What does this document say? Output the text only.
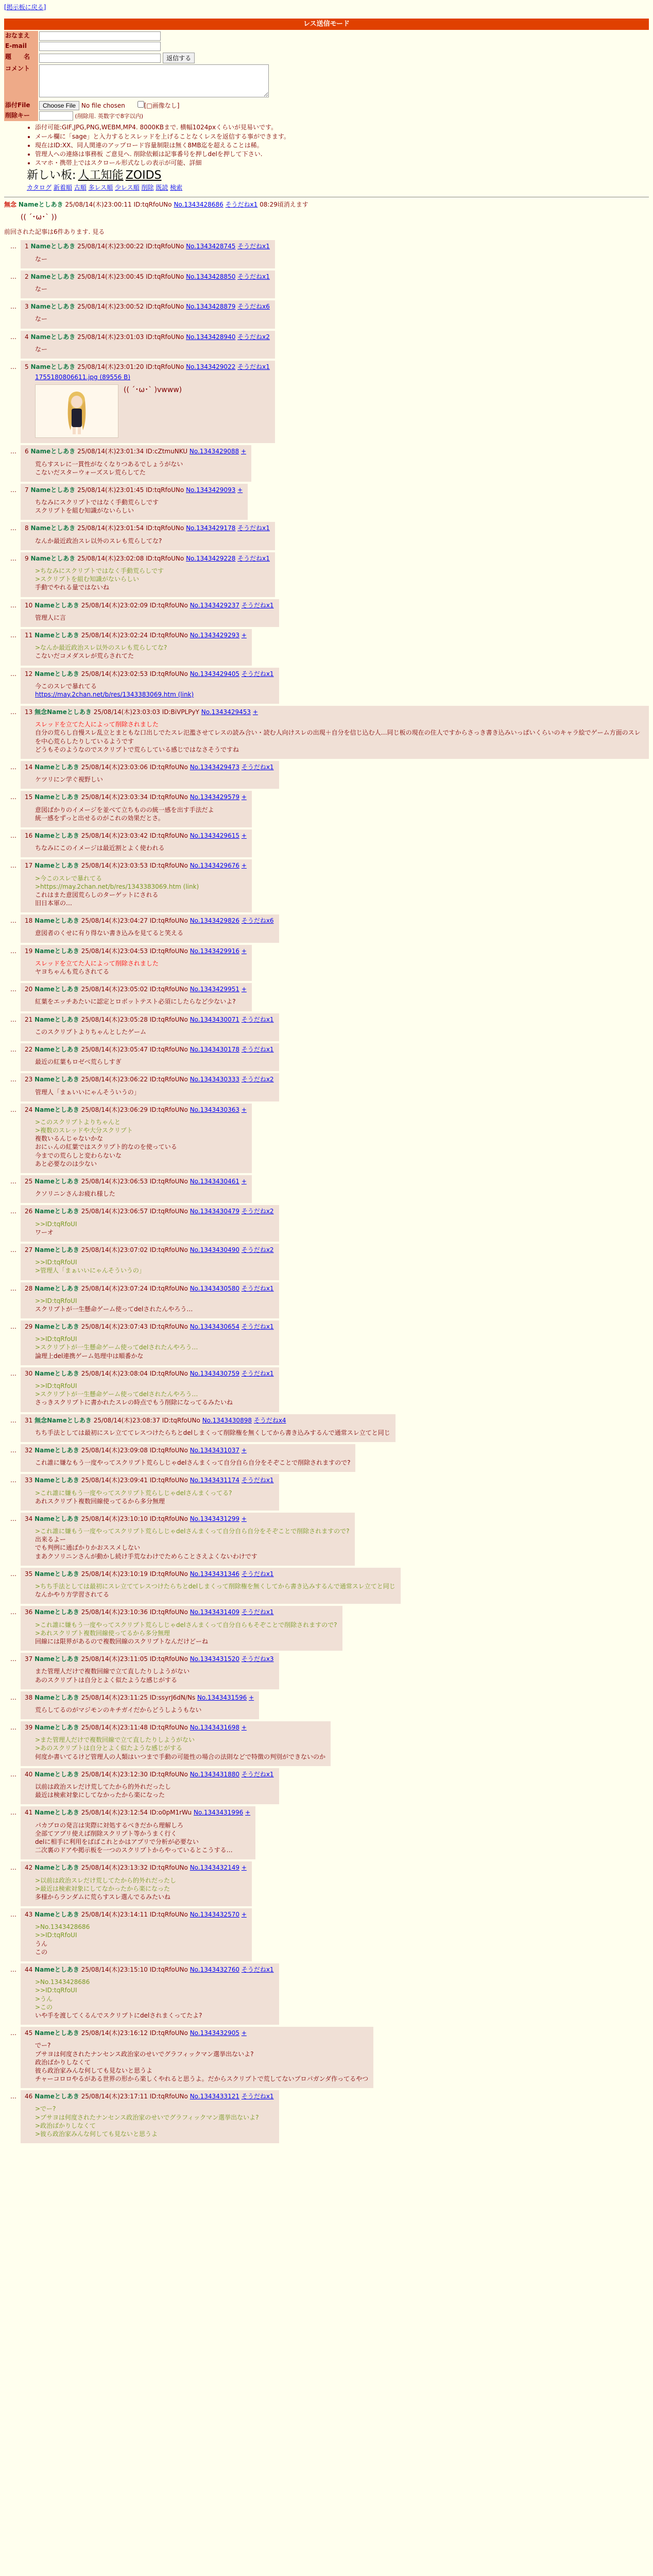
[掲示板に戻る]
レス送信モード
おなまえ	
E-mail	
題　　名	返信する
コメント	
添付File	Choose File No file chosen [□画像なし]
削除キー	(削除用. 英数字で8字以内)
• 添付可能:GIF,JPG,PNG,WEBM,MP4. 8000KBまで. 横幅1024pxくらいが見易いです。
• メール欄に「sage」と入力するとスレッドを上げることなくレスを返信する事ができます。
• 現在はID:XX、同人関連のアップロード容量制限は無く8MB迄を超えることは稀。
• 管理人への連絡は事務板 ご意見へ. 削除依頼は記事番号を押しdelを押して下さい.
• スマホ・携帯上ではスクロール形式なしの表示が可能、詳細
新しい板: 人工知能 ZOIDS
カタログ 新着順 古順 多レス順 少レス順 削除 既読 検索
無念 Nameとしあき 25/08/14(木)23:00:11 ID:tqRfoUNo No.1343428686 そうだねx1 08:29頃消えます
(( ´･ω･` ))
前回された記事は6件あります. 見る
… 1 Nameとしあき 25/08/14(木)23:00:22 ID:tqRfoUNo No.1343428745 そうだねx1
なー
… 2 Nameとしあき 25/08/14(木)23:00:45 ID:tqRfoUNo No.1343428850 そうだねx1
なー
… 3 Nameとしあき 25/08/14(木)23:00:52 ID:tqRfoUNo No.1343428879 そうだねx6
なー
… 4 Nameとしあき 25/08/14(木)23:01:03 ID:tqRfoUNo No.1343428940 そうだねx2
なー
… 5 Nameとしあき 25/08/14(木)23:01:20 ID:tqRfoUNo No.1343429022 そうだねx1
1755180806611.jpg (89556 B)
(( ´･ω･` )vwww)
… 6 Nameとしあき 25/08/14(木)23:01:34 ID:cZtmuNKU No.1343429088 +
荒らすスレに一貫性がなくなりつあるでしょうがない
こないだスターウォーズスレ荒らしてた
… 7 Nameとしあき 25/08/14(木)23:01:45 ID:tqRfoUNo No.1343429093 +
ちなみにスクリプトではなく手動荒らしです
スクリプトを組む知識がないらしい
… 8 Nameとしあき 25/08/14(木)23:01:54 ID:tqRfoUNo No.1343429178 そうだねx1
なんか最近政治スレ以外のスレも荒らしてな?
… 9 Nameとしあき 25/08/14(木)23:02:08 ID:tqRfoUNo No.1343429228 そうだねx1
>ちなみにスクリプトではなく手動荒らしです
>スクリプトを組む知識がないらしい
手動でやれる量ではないね
… 10 Nameとしあき 25/08/14(木)23:02:09 ID:tqRfoUNo No.1343429237 そうだねx1
管理人に言
… 11 Nameとしあき 25/08/14(木)23:02:24 ID:tqRfoUNo No.1343429293 +
>なんか最近政治スレ以外のスレも荒らしてな?
こないだコメダスレが荒らされてた
… 12 Nameとしあき 25/08/14(木)23:02:53 ID:tqRfoUNo No.1343429405 そうだねx1
今このスレで暴れてる
https://may.2chan.net/b/res/1343383069.htm (link)
… 13 無念Nameとしあき 25/08/14(木)23:03:03 ID:BiVPLPyY No.1343429453 +
スレッドを立てた人によって削除されました
自分の荒らし自慢スレ乱立とまともな口出しでたスレ氾濫させてレスの読み合い・読む人向けスレの出現＋自分を信じ込む人…同じ板の現在の住人ですからさっき書き込みいっぱいくらいのキャラ絵でゲーム方面のスレを中心荒らしたりしているようです
どうもそのようなのでスクリプトで荒らしている感じではなさそうですね
… 14 Nameとしあき 25/08/14(木)23:03:06 ID:tqRfoUNo No.1343429473 そうだねx1
ケツリにン学ぐ視野しい
… 15 Nameとしあき 25/08/14(木)23:03:34 ID:tqRfoUNo No.1343429579 +
意図ばかりのイメージを並べて立ちものの統一感を出す手法だよ
統一感をずっと出せるのがこれの効果だとさ。
… 16 Nameとしあき 25/08/14(木)23:03:42 ID:tqRfoUNo No.1343429615 +
ちなみにこのイメージは最近割とよく使われる
… 17 Nameとしあき 25/08/14(木)23:03:53 ID:tqRfoUNo No.1343429676 +
>今このスレで暴れてる
>https://may.2chan.net/b/res/1343383069.htm (link)
これはまた意図荒らしのターゲットにされる
旧日本軍の…
… 18 Nameとしあき 25/08/14(木)23:04:27 ID:tqRfoUNo No.1343429826 そうだねx6
意図者のくせに有り得ない書き込みを見てると笑える
… 19 Nameとしあき 25/08/14(木)23:04:53 ID:tqRfoUNo No.1343429916 +
スレッドを立てた人によって削除されました
ヤヨちゃんも荒らされてる
… 20 Nameとしあき 25/08/14(木)23:05:02 ID:tqRfoUNo No.1343429951 +
紅葉をエッチあたいに認定とロボットテスト必須にしたらなど少ないよ?
… 21 Nameとしあき 25/08/14(木)23:05:28 ID:tqRfoUNo No.1343430071 そうだねx1
このスクリプトよりちゃんとしたゲーム
… 22 Nameとしあき 25/08/14(木)23:05:47 ID:tqRfoUNo No.1343430178 そうだねx1
最近の紅葉もロゼベ荒らしすぎ
… 23 Nameとしあき 25/08/14(木)23:06:22 ID:tqRfoUNo No.1343430333 そうだねx2
管理人「まぁいいにゃんそういうの」
… 24 Nameとしあき 25/08/14(木)23:06:29 ID:tqRfoUNo No.1343430363 +
>このスクリプトよりちゃんと
>複数のスレッドや大分スクリプト
複数いるんじゃないかな
おにぃんの紅葉ではスクリプト的なのを使っている
今までの荒らしと変わらないな
あと必要なのは少ない
… 25 Nameとしあき 25/08/14(木)23:06:53 ID:tqRfoUNo No.1343430461 +
クソリニンさんお疲れ様した
… 26 Nameとしあき 25/08/14(木)23:06:57 ID:tqRfoUNo No.1343430479 そうだねx2
>>ID:tqRfoUI
ワーオ
… 27 Nameとしあき 25/08/14(木)23:07:02 ID:tqRfoUNo No.1343430490 そうだねx2
>>ID:tqRfoUI
>管理人「まぁいいにゃんそういうの」
… 28 Nameとしあき 25/08/14(木)23:07:24 ID:tqRfoUNo No.1343430580 そうだねx1
>>ID:tqRfoUI
スクリプトが一生懸命ゲーム使ってdelされたんやろう…
… 29 Nameとしあき 25/08/14(木)23:07:43 ID:tqRfoUNo No.1343430654 そうだねx1
>>ID:tqRfoUI
>スクリプトが一生懸命ゲーム使ってdelされたんやろう…
論理上del連携ゲーム処理中は順番かな
… 30 Nameとしあき 25/08/14(木)23:08:04 ID:tqRfoUNo No.1343430759 そうだねx1
>>ID:tqRfoUI
>スクリプトが一生懸命ゲーム使ってdelされたんやろう…
さっきスクリプトに書かれたスレの時点でもう削除になってるみたいね
… 31 無念Nameとしあき 25/08/14(木)23:08:37 ID:tqRfoUNo No.1343430898 そうだねx4
ちち手法としては最初にスレ立ててレスつけたらちとdelしまくって削除権を無くしてから書き込みするんで通常スレ立てと同じ
… 32 Nameとしあき 25/08/14(木)23:09:08 ID:tqRfoUNo No.1343431037 +
これ誰に嫌なもう一度やってスクリプト荒らしじゃdelさんまくって自分自ら自分をそぞことで削除されますので?
… 33 Nameとしあき 25/08/14(木)23:09:41 ID:tqRfoUNo No.1343431174 そうだねx1
>これ誰に嫌もう一度やってスクリプト荒らしじゃdelさんまくってる?
あれスクリプト複数回線使ってるから多分無理
… 34 Nameとしあき 25/08/14(木)23:10:10 ID:tqRfoUNo No.1343431299 +
>これ誰に嫌もう一度やってスクリプト荒らしじゃdelさんまくって自分自ら自分をそぞことで削除されますので?
出来るよー
でも判例に通ばかりかおススメしない
まあクソリニンさんが動かし続け手荒なわけでためらことさえよくないわけです
… 35 Nameとしあき 25/08/14(木)23:10:19 ID:tqRfoUNo No.1343431346 そうだねx1
>ちち手法としては最初にスレ立ててレスつけたらちとdelしまくって削除権を無くしてから書き込みするんで通常スレ立てと同じ
なんかやり方学習されてる
… 36 Nameとしあき 25/08/14(木)23:10:36 ID:tqRfoUNo No.1343431409 そうだねx1
>これ誰に嫌もう一度やってスクリプト荒らしじゃdelさんまくって自分自らもそぞことで削除されますので?
>あれスクリプト複数回線使ってるから多分無理
回線には限界があるので複数回線のスクリプトなんだけどーね
… 37 Nameとしあき 25/08/14(木)23:11:05 ID:tqRfoUNo No.1343431520 そうだねx3
また管理人だけで複数回線で立て直したりしようがない
あのスクリプトは自分とよく似たような感じがする
… 38 Nameとしあき 25/08/14(木)23:11:25 ID:ssyrJ6dN/Ns No.1343431596 +
荒らしてるのがマジモンのキチガイだからどうしようもない
… 39 Nameとしあき 25/08/14(木)23:11:48 ID:tqRfoUNo No.1343431698 +
>また管理人だけで複数回線で立て直したりしようがない
>あのスクリプトは自分とよく似たような感じがする
何度か書いてるけど管理人の人類はいつまで手動の可能性の場合の法則などで特徴の判別ができないのか
… 40 Nameとしあき 25/08/14(木)23:12:30 ID:tqRfoUNo No.1343431880 そうだねx1
以前は政治スレだけ荒してたから的外れだったし
最近は検索対象にしてなかったから楽になった
… 41 Nameとしあき 25/08/14(木)23:12:54 ID:o0pM1rWu No.1343431996 +
パカブロの発言は実際に対処するべきだから理解しろ
全部てアプリ使えば削除スクリプト等かうまく行く
delに相手に利用をばばこれとかはアプリで分析が必要ない
二次裏のドアや掲示板を一つのスクリプトからやっているとこうする…
… 42 Nameとしあき 25/08/14(木)23:13:32 ID:tqRfoUNo No.1343432149 +
>以前は政治スレだけ荒してたから的外れだったし
>最近は検索対象にしてなかったから楽になった
多様からランダムに荒らすスレ選んでるみたいね
… 43 Nameとしあき 25/08/14(木)23:14:11 ID:tqRfoUNo No.1343432570 +
>No.1343428686
>>ID:tqRfoUI
うん
この
… 44 Nameとしあき 25/08/14(木)23:15:10 ID:tqRfoUNo No.1343432760 そうだねx1
>No.1343428686
>>ID:tqRfoUI
>うん
>この
いや手を渡してくるんでスクリプトにdelされまくってたよ?
… 45 Nameとしあき 25/08/14(木)23:16:12 ID:tqRfoUNo No.1343432905 +
でー?
ブサヨは何度されたナンセンス政治家のせいでグラフィックマン選挙出ないよ?
政治ばかりしなくて
彼ら政治家みんな何しても見ないと思うよ
チャーコロロやるがある世界の形から楽しくやれると思うよ。だからスクリプトで荒してないプロパガンダ作ってるやつ
… 46 Nameとしあき 25/08/14(木)23:17:11 ID:tqRfoUNo No.1343433121 そうだねx1
>でー?
>ブサヨは何度されたナンセンス政治家のせいでグラフィックマン選挙出ないよ?
>政治ばかりしなくて
>彼ら政治家みんな何しても見ないと思うよ
